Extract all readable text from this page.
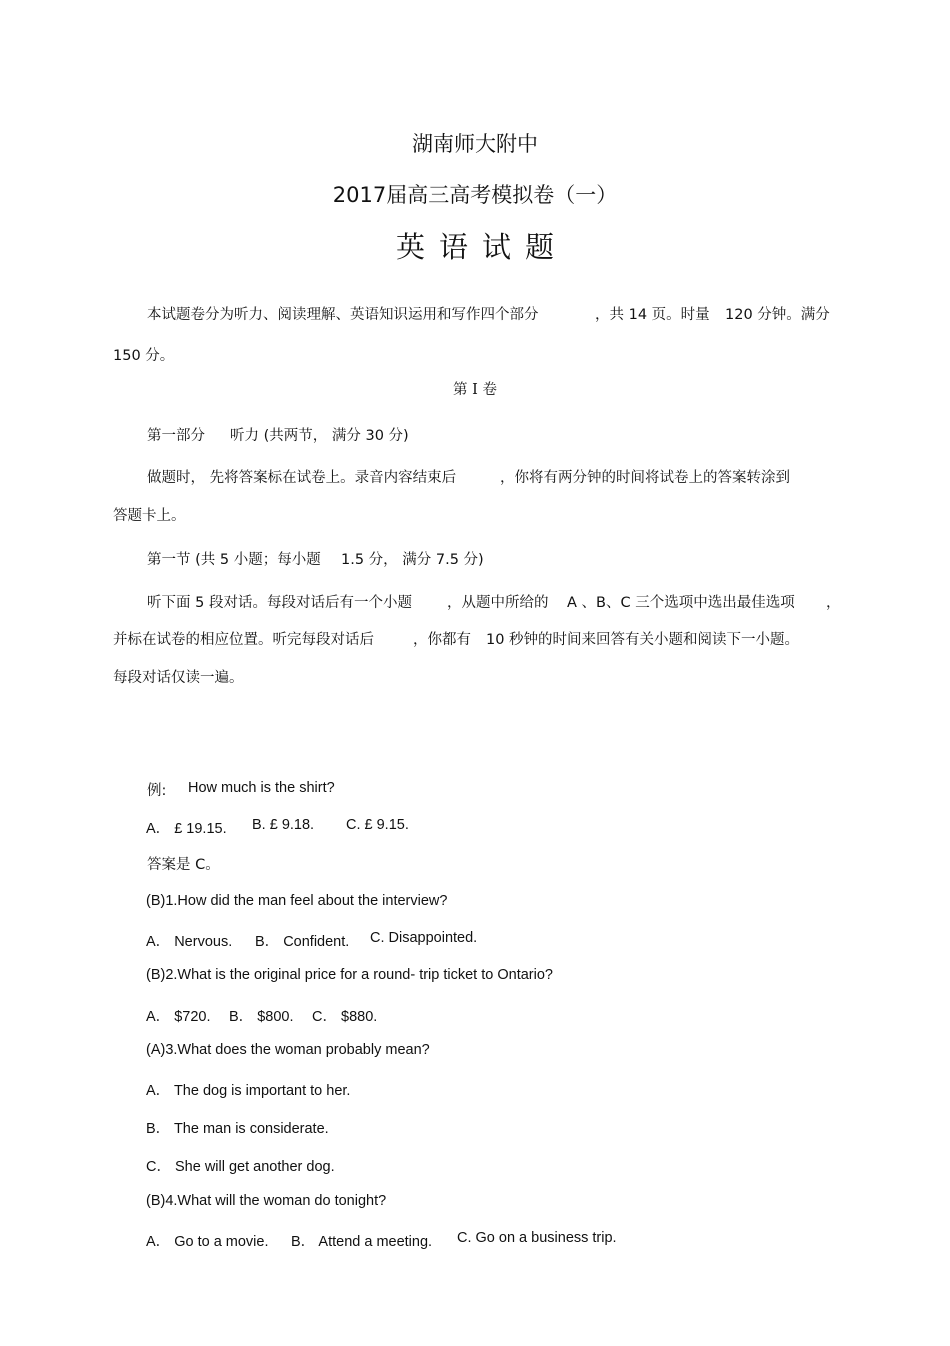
湖南师大附中
2017届高三高考模拟卷（一）
英语试题
本试题卷分为听力、阅读理解、英语知识运用和写作四个部分	，共 14 页。时量 120 分钟。满分
150 分。
第 I 卷
第一部分 听力 (共两节， 满分 30 分)
做题时， 先将答案标在试卷上。录音内容结束后	，你将有两分钟的时间将试卷上的答案转涂到
答题卡上。
第一节 (共 5 小题；每小题 1.5 分， 满分 7.5 分)
听下面 5 段对话。每段对话后有一个小题 ，从题中所给的 A 、B、C 三个选项中选出最佳选项 ，
并标在试卷的相应位置。听完每段对话后	，你都有 10 秒钟的时间来回答有关小题和阅读下一小题。
每段对话仅读一遍。
例: How much is the shirt?
A． £ 19.15. B. £ 9.18. C. £ 9.15.
答案是 C。
(B)1.How did the man feel about the interview?
A． Nervous. B． Confident. C. Disappointed.
(B)2.What is the original price for a round- trip ticket to Ontario?
A． $720. B． $800. C． $880.
(A)3.What does the woman probably mean?
A． The dog is important to her.
B． The man is considerate.
C． She will get another dog.
(B)4.What will the woman do tonight?
A． Go to a movie. B． Attend a meeting. C. Go on a business trip.
